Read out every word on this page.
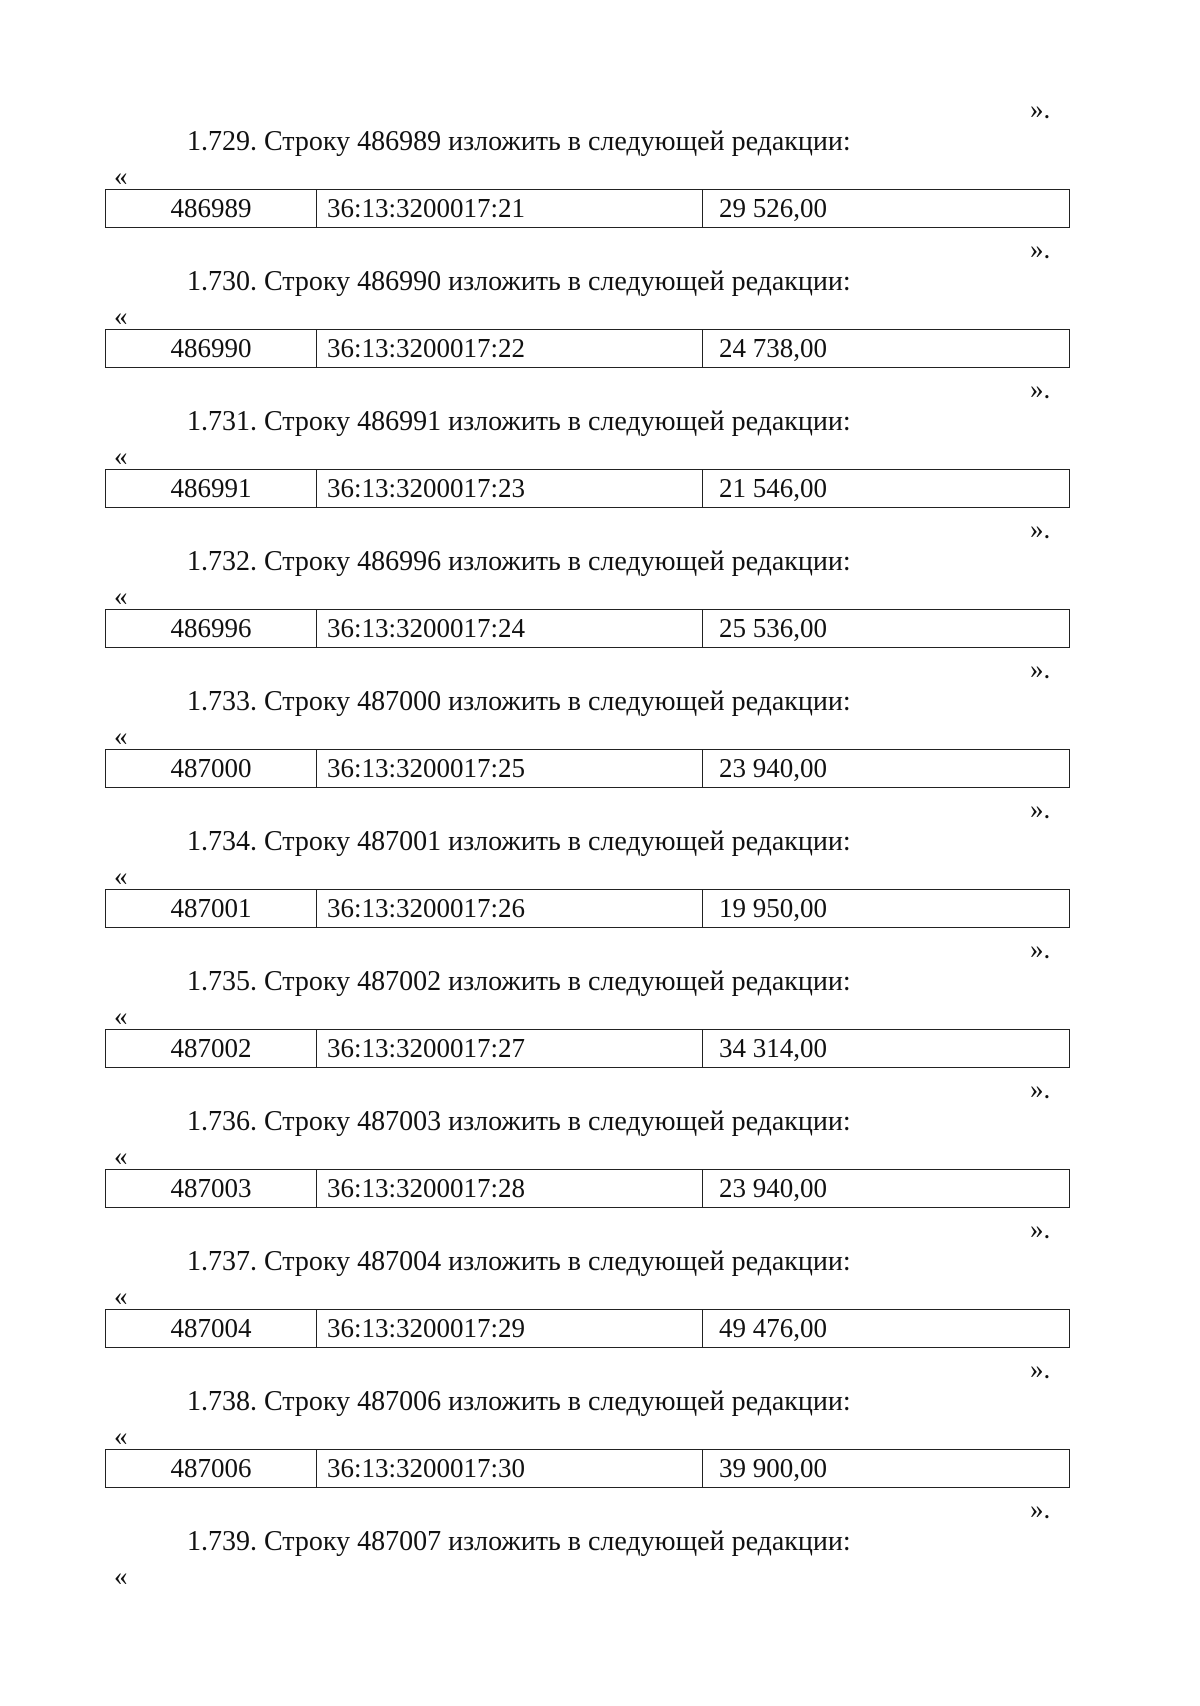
».
1.729. Строку 486989 изложить в следующей редакции:
«
486989	36:13:3200017:21	29 526,00
».
1.730. Строку 486990 изложить в следующей редакции:
«
486990	36:13:3200017:22	24 738,00
».
1.731. Строку 486991 изложить в следующей редакции:
«
486991	36:13:3200017:23	21 546,00
».
1.732. Строку 486996 изложить в следующей редакции:
«
486996	36:13:3200017:24	25 536,00
».
1.733. Строку 487000 изложить в следующей редакции:
«
487000	36:13:3200017:25	23 940,00
».
1.734. Строку 487001 изложить в следующей редакции:
«
487001	36:13:3200017:26	19 950,00
».
1.735. Строку 487002 изложить в следующей редакции:
«
487002	36:13:3200017:27	34 314,00
».
1.736. Строку 487003 изложить в следующей редакции:
«
487003	36:13:3200017:28	23 940,00
».
1.737. Строку 487004 изложить в следующей редакции:
«
487004	36:13:3200017:29	49 476,00
».
1.738. Строку 487006 изложить в следующей редакции:
«
487006	36:13:3200017:30	39 900,00
».
1.739. Строку 487007 изложить в следующей редакции:
«
